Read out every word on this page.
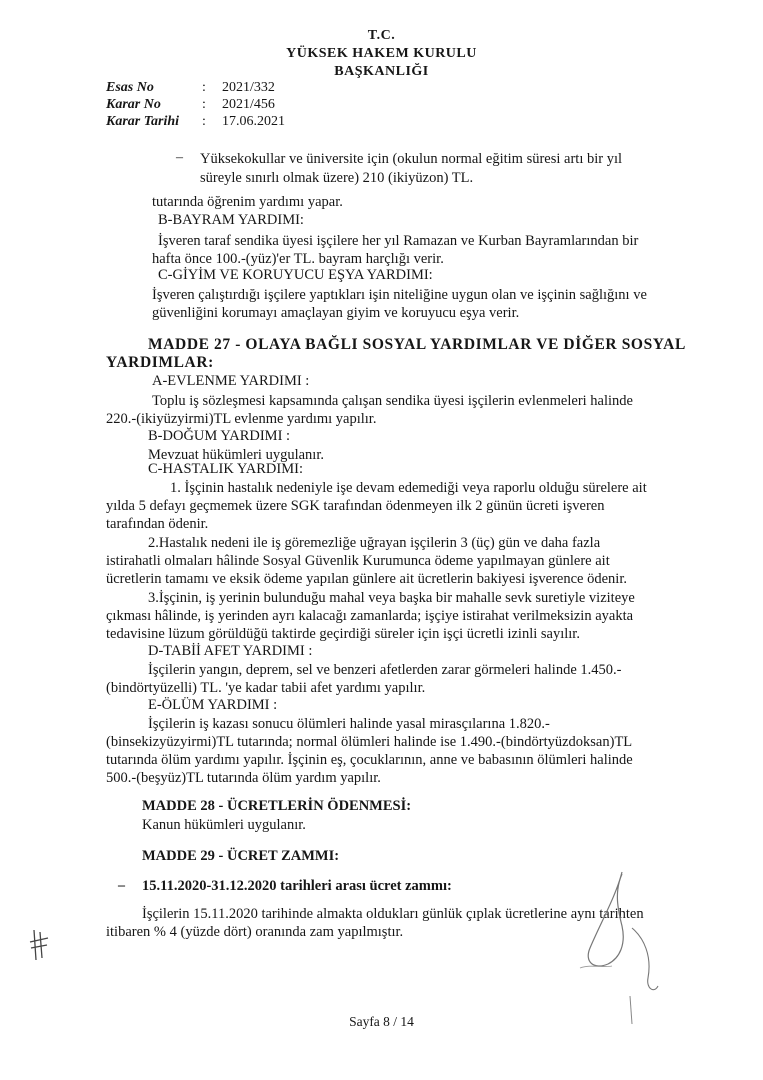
T.C.
YÜKSEK HAKEM KURULU
BAŞKANLIĞI
Esas No	: 2021/332
Karar No	: 2021/456
Karar Tarihi : 17.06.2021
– Yüksekokullar ve üniversite için (okulun normal eğitim süresi artı bir yıl
süreyle sınırlı olmak üzere) 210 (ikiyüzon) TL.
tutarında öğrenim yardımı yapar.
B-BAYRAM YARDIMI:
İşveren taraf sendika üyesi işçilere her yıl Ramazan ve Kurban Bayramlarından bir
hafta önce 100.-(yüz)'er TL. bayram harçlığı verir.
C-GİYİM VE KORUYUCU EŞYA YARDIMI:
İşveren çalıştırdığı işçilere yaptıkları işin niteliğine uygun olan ve işçinin sağlığını ve
güvenliğini korumayı amaçlayan giyim ve koruyucu eşya verir.
MADDE 27 - OLAYA BAĞLI SOSYAL YARDIMLAR VE DİĞER SOSYAL
YARDIMLAR:
A-EVLENME YARDIMI :
Toplu iş sözleşmesi kapsamında çalışan sendika üyesi işçilerin evlenmeleri halinde
220.-(ikiyüzyirmi)TL evlenme yardımı yapılır.
B-DOĞUM YARDIMI :
Mevzuat hükümleri uygulanır.
C-HASTALIK YARDIMI:
1. İşçinin hastalık nedeniyle işe devam edemediği veya raporlu olduğu sürelere ait
yılda 5 defayı geçmemek üzere SGK tarafından ödenmeyen ilk 2 günün ücreti işveren
tarafından ödenir.
2.Hastalık nedeni ile iş göremezliğe uğrayan işçilerin 3 (üç) gün ve daha fazla
istirahatli olmaları hâlinde Sosyal Güvenlik Kurumunca ödeme yapılmayan günlere ait
ücretlerin tamamı ve eksik ödeme yapılan günlere ait ücretlerin bakiyesi işverence ödenir.
3.İşçinin, iş yerinin bulunduğu mahal veya başka bir mahalle sevk suretiyle viziteye
çıkması hâlinde, iş yerinden ayrı kalacağı zamanlarda; işçiye istirahat verilmeksizin ayakta
tedavisine lüzum görüldüğü taktirde geçirdiği süreler için işçi ücretli izinli sayılır.
D-TABİİ AFET YARDIMI :
İşçilerin yangın, deprem, sel ve benzeri afetlerden zarar görmeleri halinde 1.450.-
(bindörtyüzelli) TL. 'ye kadar tabii afet yardımı yapılır.
E-ÖLÜM YARDIMI :
İşçilerin iş kazası sonucu ölümleri halinde yasal mirasçılarına 1.820.-
(binsekizyüzyirmi)TL tutarında; normal ölümleri halinde ise 1.490.-(bindörtyüzdoksan)TL
tutarında ölüm yardımı yapılır. İşçinin eş, çocuklarının, anne ve babasının ölümleri halinde
500.-(beşyüz)TL tutarında ölüm yardım yapılır.
MADDE 28 - ÜCRETLERİN ÖDENMESİ:
Kanun hükümleri uygulanır.
MADDE 29 - ÜCRET ZAMMI:
– 15.11.2020-31.12.2020 tarihleri arası ücret zammı:
İşçilerin 15.11.2020 tarihinde almakta oldukları günlük çıplak ücretlerine aynı tarihten
itibaren % 4 (yüzde dört) oranında zam yapılmıştır.
Sayfa 8 / 14
